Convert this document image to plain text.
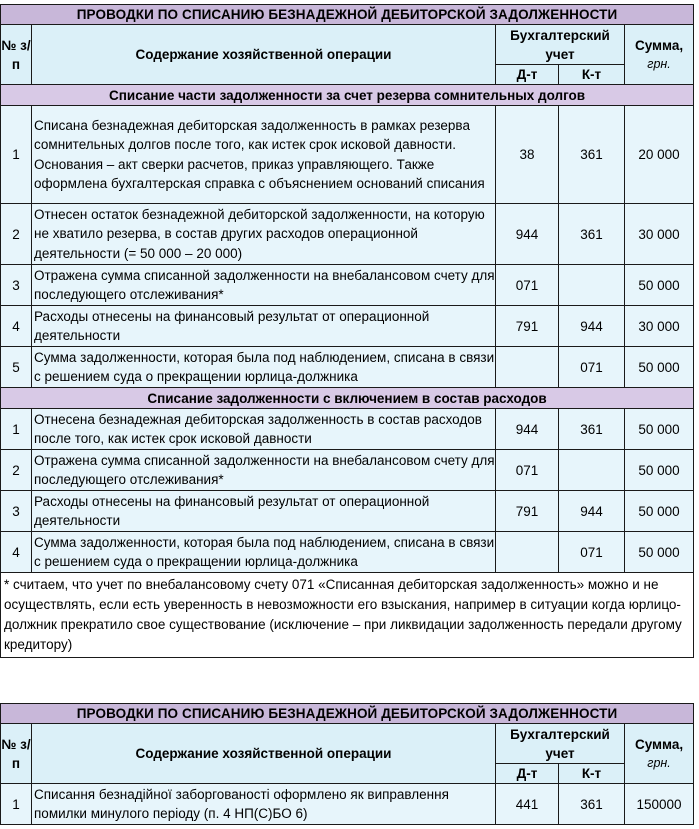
ПРОВОДКИ ПО СПИСАНИЮ БЕЗНАДЕЖНОЙ ДЕБИТОРСКОЙ ЗАДОЛЖЕННОСТИ				
№ з/п	Содержание хозяйственной операции	Бухгалтерский учет		Сумма,
грн.
		Д-т	К-т	
Списание части задолженности за счет резерва сомнительных долгов				
1	Списана безнадежная дебиторская задолженность в рамках резерва сомнительных долгов после того, как истек срок исковой давности. Основания – акт сверки расчетов, приказ управляющего. Также оформлена бухгалтерская справка с объяснением оснований списания	38	361	20 000
2	Отнесен остаток безнадежной дебиторской задолженности, на которую не хватило резерва, в состав других расходов операционной деятельности (= 50 000 – 20 000)	944	361	30 000
3	Отражена сумма списанной задолженности на внебалансовом счету для последующего отслеживания*	071		50 000
4	Расходы отнесены на финансовый результат от операционной деятельности	791	944	30 000
5	Сумма задолженности, которая была под наблюдением, списана в связи с решением суда о прекращении юрлица-должника		071	50 000
Списание задолженности с включением в состав расходов				
1	Отнесена безнадежная дебиторская задолженность в состав расходов после того, как истек срок исковой давности	944	361	50 000
2	Отражена сумма списанной задолженности на внебалансовом счету для последующего отслеживания*	071		50 000
3	Расходы отнесены на финансовый результат от операционной деятельности	791	944	50 000
4	Сумма задолженности, которая была под наблюдением, списана в связи с решением суда о прекращении юрлица-должника		071	50 000
* считаем, что учет по внебалансовому счету 071 «Списанная дебиторская задолженность» можно и не осуществлять, если есть уверенность в невозможности его взыскания, например в ситуации когда юрлицо-должник прекратило свое существование (исключение – при ликвидации задолженность передали другому кредитору)				
ПРОВОДКИ ПО СПИСАНИЮ БЕЗНАДЕЖНОЙ ДЕБИТОРСКОЙ ЗАДОЛЖЕННОСТИ				
№ з/п	Содержание хозяйственной операции	Бухгалтерский учет		Сумма,
грн.
		Д-т	К-т	
1	Списання безнадійної заборгованості оформлено як виправлення помилки минулого періоду (п. 4 НП(С)БО 6)	441	361	150000
